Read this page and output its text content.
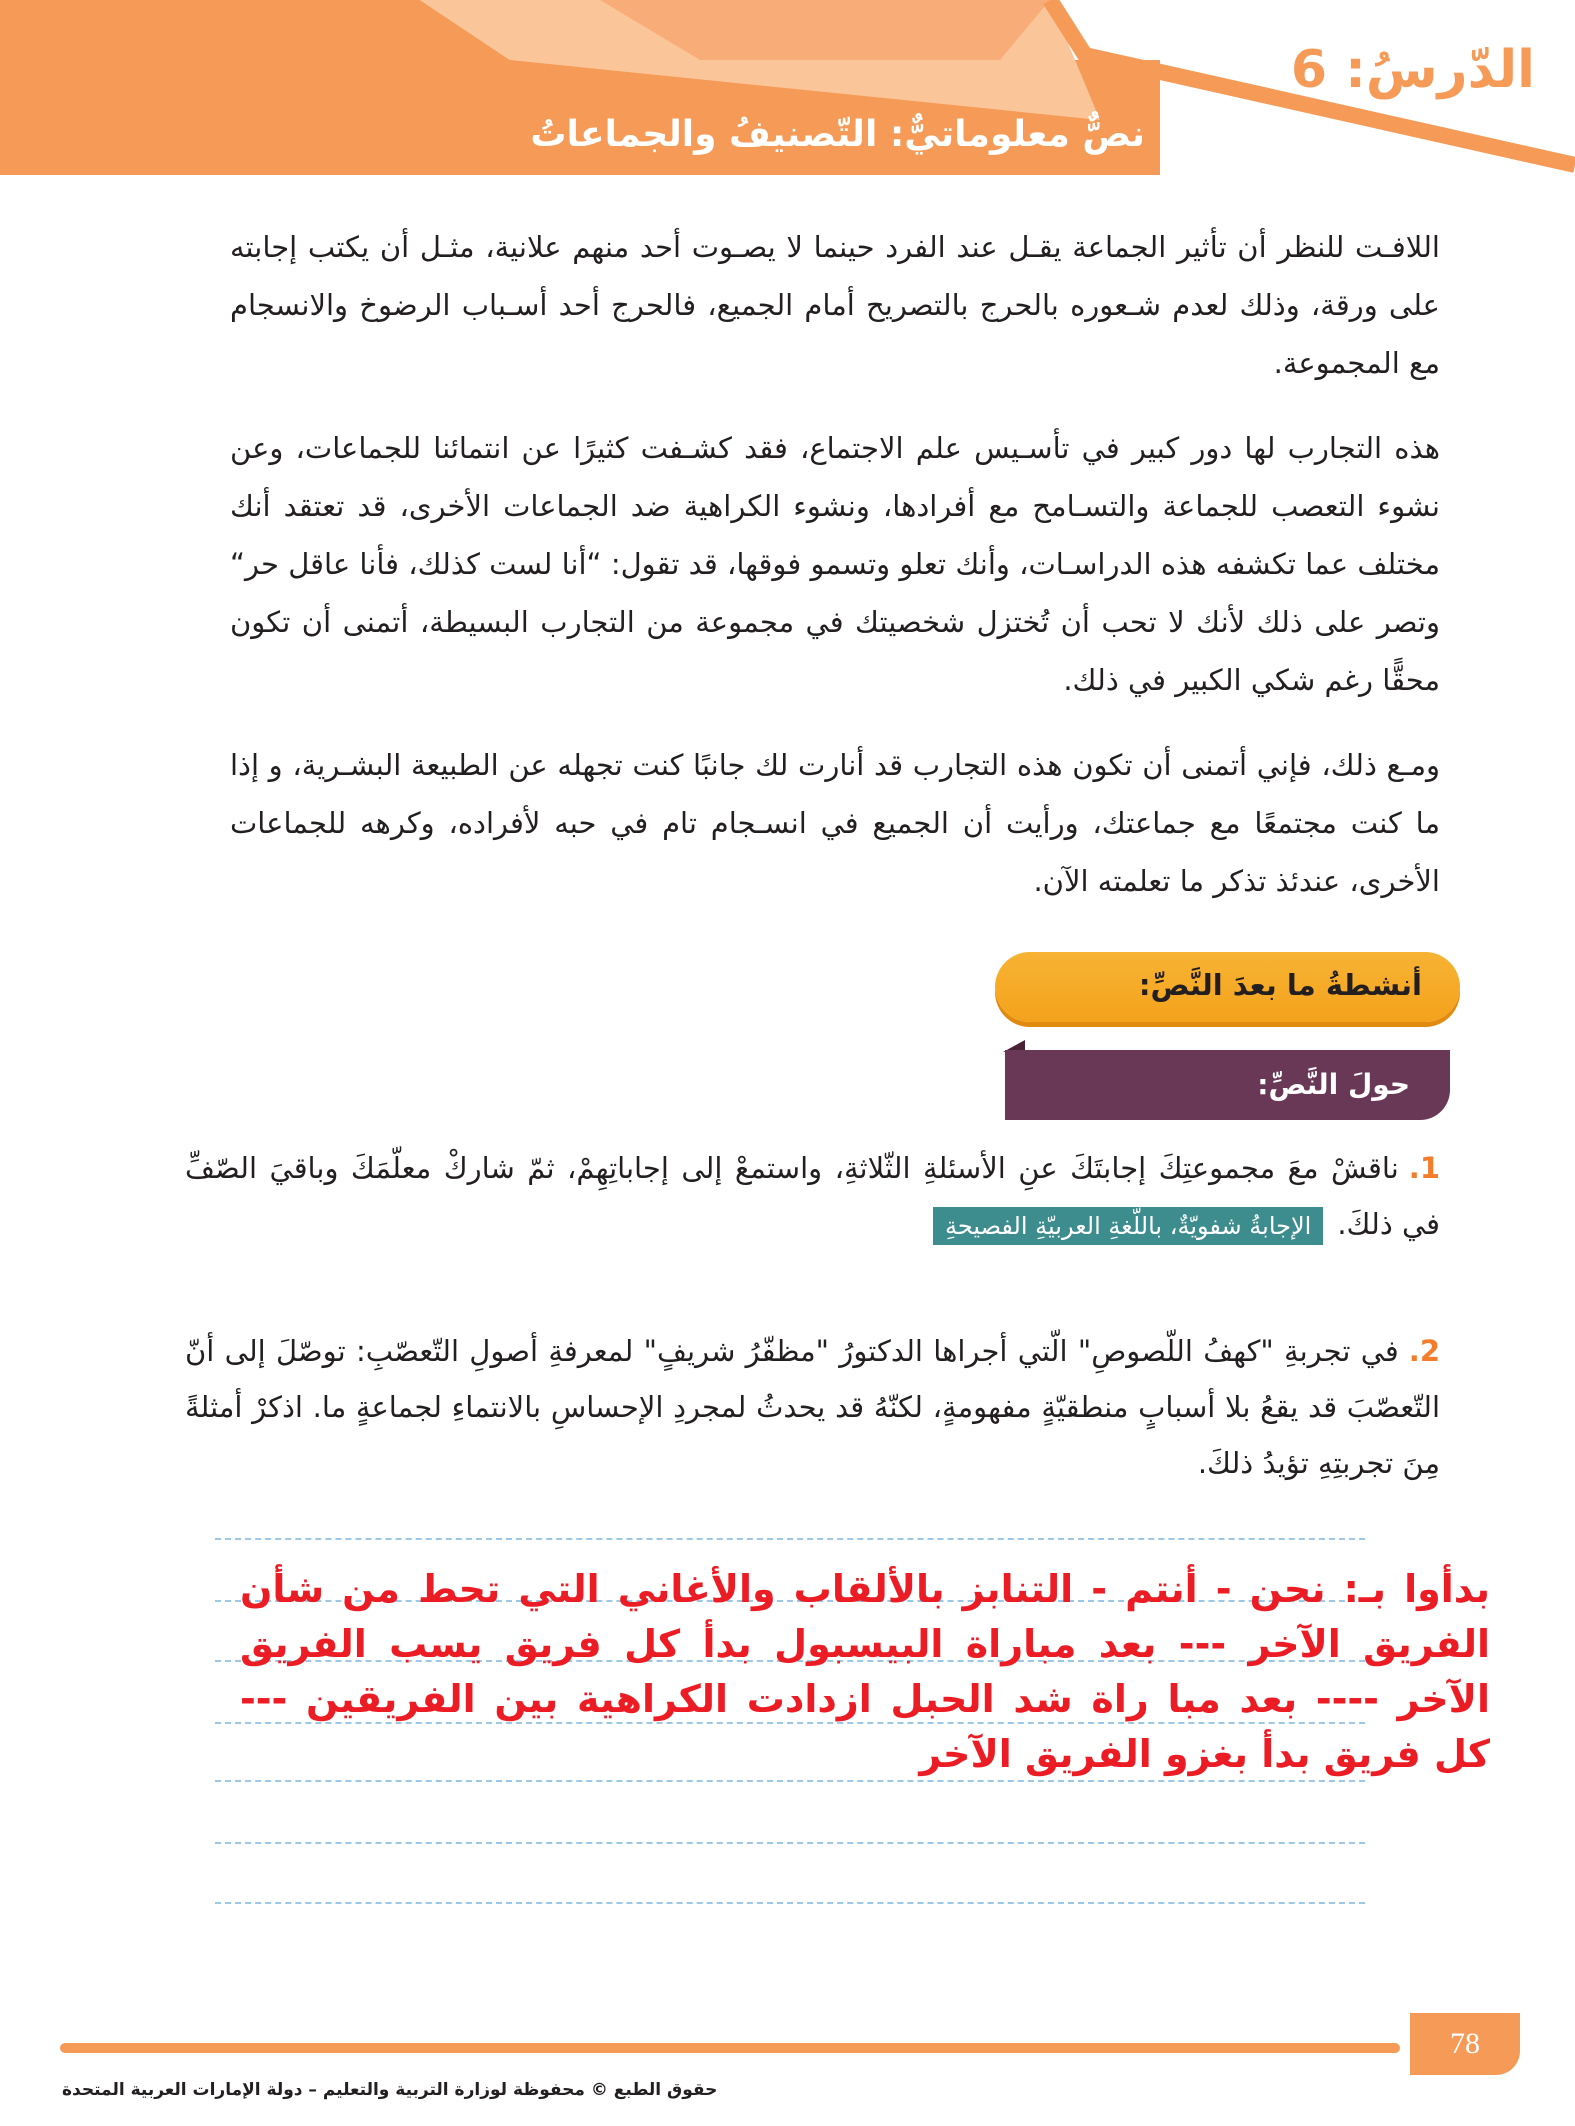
الدّرسُ: 6
نصٌّ معلوماتيٌّ: التّصنيفُ والجماعاتُ

اللافـت للنظر أن تأثير الجماعة يقـل عند الفرد حينما لا يصـوت أحد منهم علانية، مثـل أن يكتب إجابته على ورقة، وذلك لعدم شـعوره بالحرج بالتصريح أمام الجميع، فالحرج أحد أسـباب الرضوخ والانسجام مع المجموعة.

هذه التجارب لها دور كبير في تأسـيس علم الاجتماع، فقد كشـفت كثيرًا عن انتمائنا للجماعات، وعن نشوء التعصب للجماعة والتسـامح مع أفرادها، ونشوء الكراهية ضد الجماعات الأخرى، قد تعتقد أنك مختلف عما تكشفه هذه الدراسـات، وأنك تعلو وتسمو فوقها، قد تقول: “أنا لست كذلك، فأنا عاقل حر“ وتصر على ذلك لأنك لا تحب أن تُختزل شخصيتك في مجموعة من التجارب البسيطة، أتمنى أن تكون محقًّا رغم شكي الكبير في ذلك.

ومـع ذلك، فإني أتمنى أن تكون هذه التجارب قد أنارت لك جانبًا كنت تجهله عن الطبيعة البشـرية، و إذا ما كنت مجتمعًا مع جماعتك، ورأيت أن الجميع في انسـجام تام في حبه لأفراده، وكرهه للجماعات الأخرى، عندئذ تذكر ما تعلمته الآن.

أنشطةُ ما بعدَ النَّصِّ:
حولَ النَّصِّ:

1.ناقشْ معَ مجموعتِكَ إجابتَكَ عنِ الأسئلةِ الثّلاثةِ، واستمعْ إلى إجاباتِهِمْ، ثمّ شاركْ معلّمَكَ وباقيَ الصّفِّ في ذلكَ.الإجابةُ شفويّةٌ، باللّغةِ العربيّةِ الفصيحةِ

2.في تجربةِ "كهفُ اللّصوصِ" الّتي أجراها الدكتورُ "مظفّرُ شريفٍ" لمعرفةِ أصولِ التّعصّبِ: توصّلَ إلى أنّ التّعصّبَ قد يقعُ بلا أسبابٍ منطقيّةٍ مفهومةٍ، لكنّهُ قد يحدثُ لمجردِ الإحساسِ بالانتماءِ لجماعةٍ ما. اذكرْ أمثلةً مِنَ تجربتِهِ تؤيدُ ذلكَ.

بدأوا بـ: نحن - أنتم - التنابز بالألقاب والأغاني التي تحط من شأن الفريق الآخر --- بعد مباراة البيسبول بدأ كل فريق يسب الفريق الآخر ---- بعد مبا راة شد الحبل ازدادت الكراهية بين الفريقين --- كل فريق بدأ بغزو الفريق الآخر

78

حقوق الطبع © محفوظة لوزارة التربية والتعليم – دولة الإمارات العربية المتحدة
